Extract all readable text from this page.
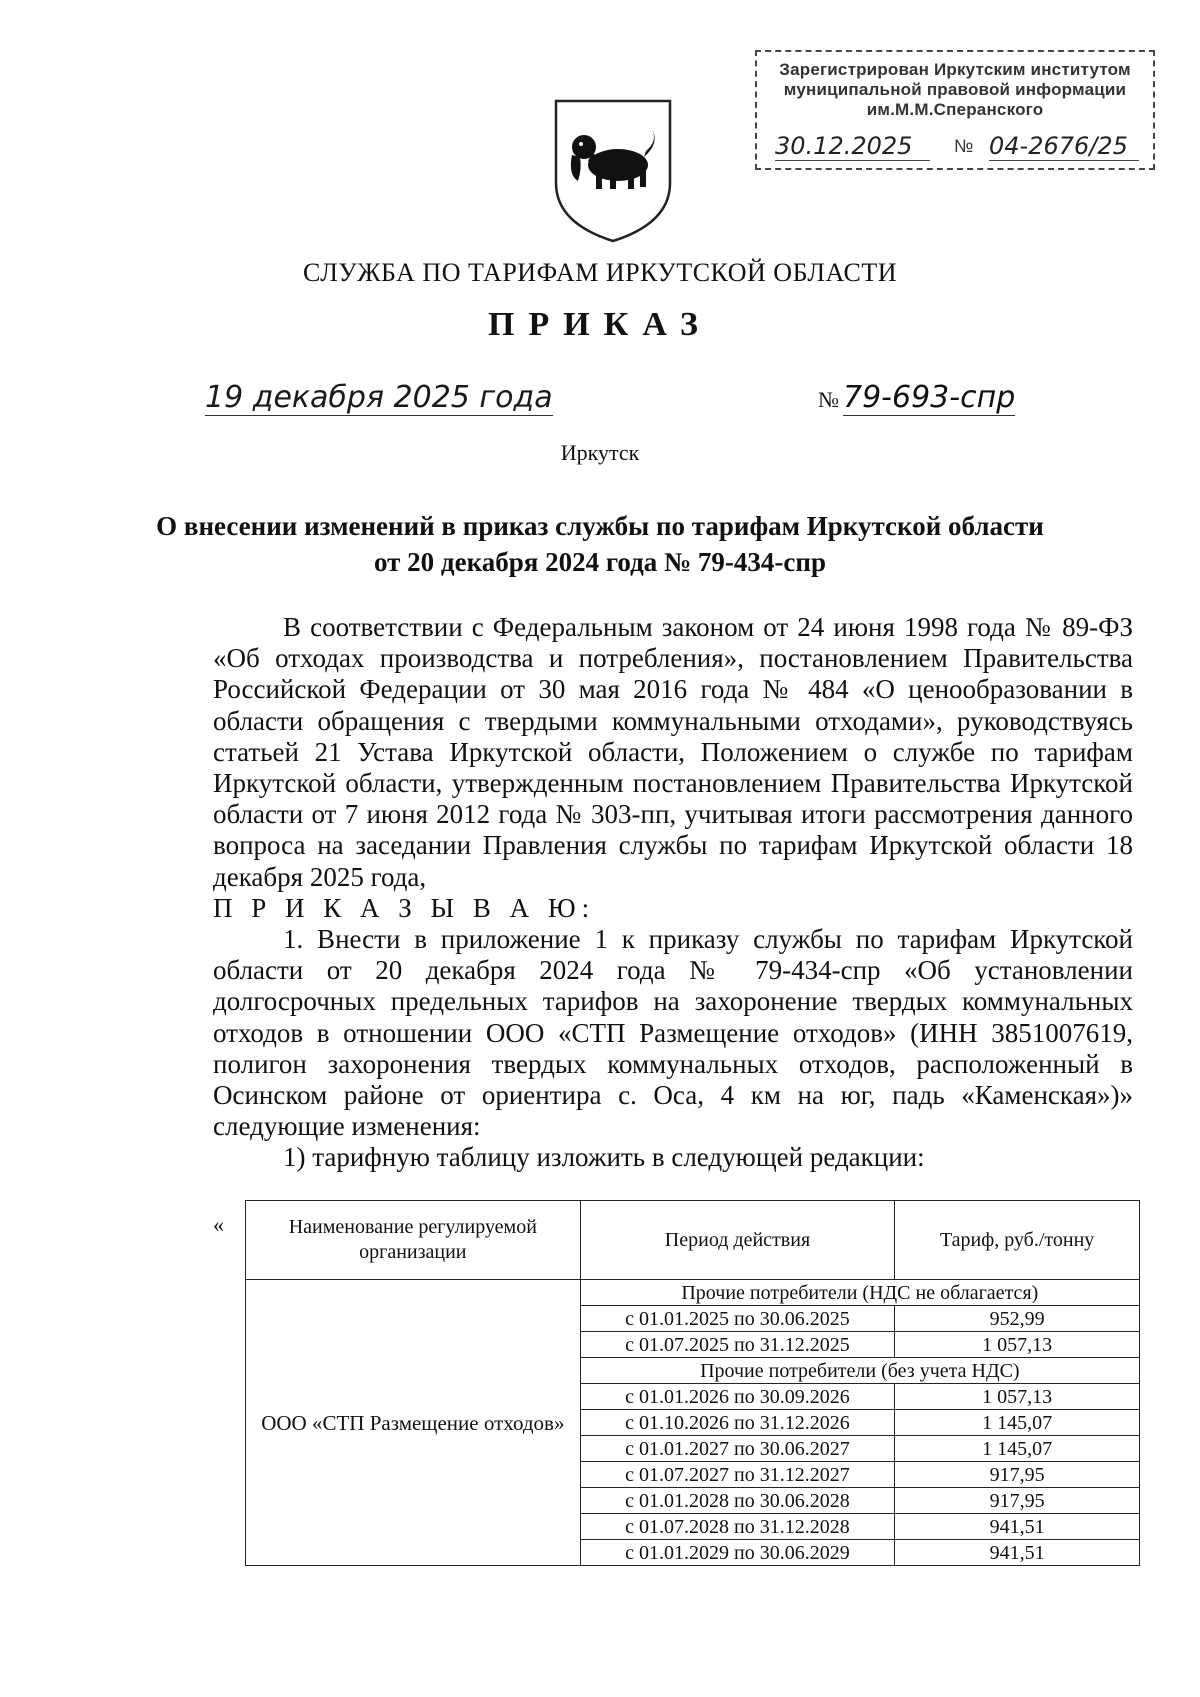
Зарегистрирован Иркутским институтом
муниципальной правовой информации
им.М.М.Сперанского
30.12.2025	№ 04-2676/25
СЛУЖБА ПО ТАРИФАМ ИРКУТСКОЙ ОБЛАСТИ
ПРИКАЗ
19 декабря 2025 года	№ 79-693-спр
Иркутск
О внесении изменений в приказ службы по тарифам Иркутской области
от 20 декабря 2024 года № 79-434-спр

В соответствии с Федеральным законом от 24 июня 1998 года № 89-ФЗ «Об отходах производства и потребления», постановлением Правительства Российской Федерации от 30 мая 2016 года № 484 «О ценообразовании в области обращения с твердыми коммунальными отходами», руководствуясь статьей 21 Устава Иркутской области, Положением о службе по тарифам Иркутской области, утвержденным постановлением Правительства Иркутской области от 7 июня 2012 года № 303-пп, учитывая итоги рассмотрения данного вопроса на заседании Правления службы по тарифам Иркутской области 18 декабря 2025 года,

П Р И К А З Ы В А Ю:

1. Внести в приложение 1 к приказу службы по тарифам Иркутской области от 20 декабря 2024 года № 79-434-спр «Об установлении долгосрочных предельных тарифов на захоронение твердых коммунальных отходов в отношении ООО «СТП Размещение отходов» (ИНН 3851007619, полигон захоронения твердых коммунальных отходов, расположенный в Осинском районе от ориентира с. Оса, 4 км на юг, падь «Каменская»)» следующие изменения:

1) тарифную таблицу изложить в следующей редакции:

«	Наименование регулируемой организации	Период действия	Тариф, руб./тонну
ООО «СТП Размещение отходов»	Прочие потребители (НДС не облагается)	
	с 01.01.2025 по 30.06.2025	952,99
	с 01.07.2025 по 31.12.2025	1 057,13
	Прочие потребители (без учета НДС)	
	с 01.01.2026 по 30.09.2026	1 057,13
	с 01.10.2026 по 31.12.2026	1 145,07
	с 01.01.2027 по 30.06.2027	1 145,07
	с 01.07.2027 по 31.12.2027	917,95
	с 01.01.2028 по 30.06.2028	917,95
	с 01.07.2028 по 31.12.2028	941,51
	с 01.01.2029 по 30.06.2029	941,51
